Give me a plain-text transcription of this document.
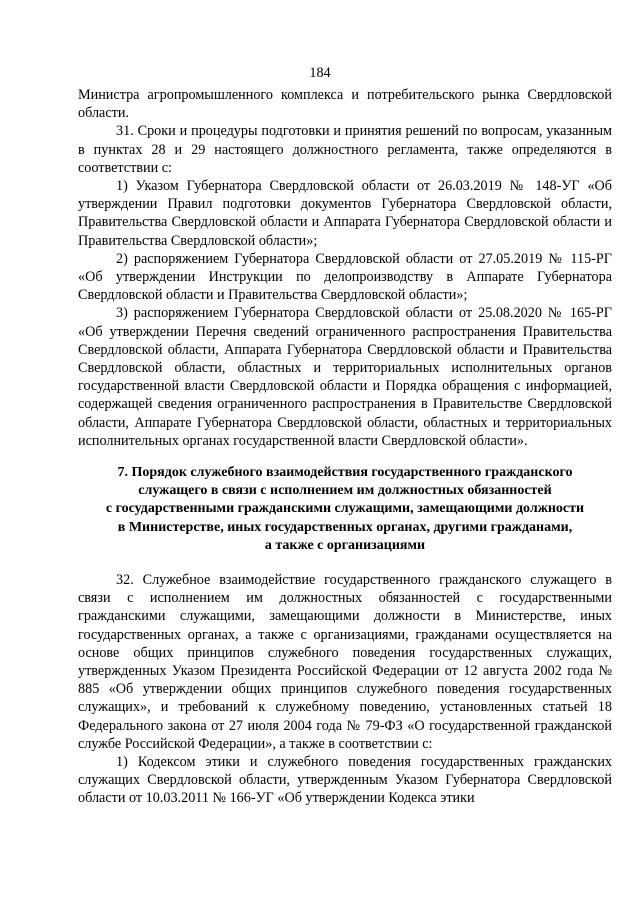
184

Министра агропромышленного комплекса и потребительского рынка Свердловской области.

31. Сроки и процедуры подготовки и принятия решений по вопросам, указанным в пунктах 28 и 29 настоящего должностного регламента, также определяются в соответствии с:

1) Указом Губернатора Свердловской области от 26.03.2019 № 148-УГ «Об утверждении Правил подготовки документов Губернатора Свердловской области, Правительства Свердловской области и Аппарата Губернатора Свердловской области и Правительства Свердловской области»;

2) распоряжением Губернатора Свердловской области от 27.05.2019 № 115-РГ «Об утверждении Инструкции по делопроизводству в Аппарате Губернатора Свердловской области и Правительства Свердловской области»;

3) распоряжением Губернатора Свердловской области от 25.08.2020 № 165-РГ «Об утверждении Перечня сведений ограниченного распространения Правительства Свердловской области, Аппарата Губернатора Свердловской области и Правительства Свердловской области, областных и территориальных исполнительных органов государственной власти Свердловской области и Порядка обращения с информацией, содержащей сведения ограниченного распространения в Правительстве Свердловской области, Аппарате Губернатора Свердловской области, областных и территориальных исполнительных органах государственной власти Свердловской области».

7. Порядок служебного взаимодействия государственного гражданского
служащего в связи с исполнением им должностных обязанностей
с государственными гражданскими служащими, замещающими должности
в Министерстве, иных государственных органах, другими гражданами,
а также с организациями

32. Служебное взаимодействие государственного гражданского служащего в связи с исполнением им должностных обязанностей с государственными гражданскими служащими, замещающими должности в Министерстве, иных государственных органах, а также с организациями, гражданами осуществляется на основе общих принципов служебного поведения государственных служащих, утвержденных Указом Президента Российской Федерации от 12 августа 2002 года № 885 «Об утверждении общих принципов служебного поведения государственных служащих», и требований к служебному поведению, установленных статьей 18 Федерального закона от 27 июля 2004 года № 79-ФЗ «О государственной гражданской службе Российской Федерации», а также в соответствии с:

1) Кодексом этики и служебного поведения государственных гражданских служащих Свердловской области, утвержденным Указом Губернатора Свердловской области от 10.03.2011 № 166-УГ «Об утверждении Кодекса этики
